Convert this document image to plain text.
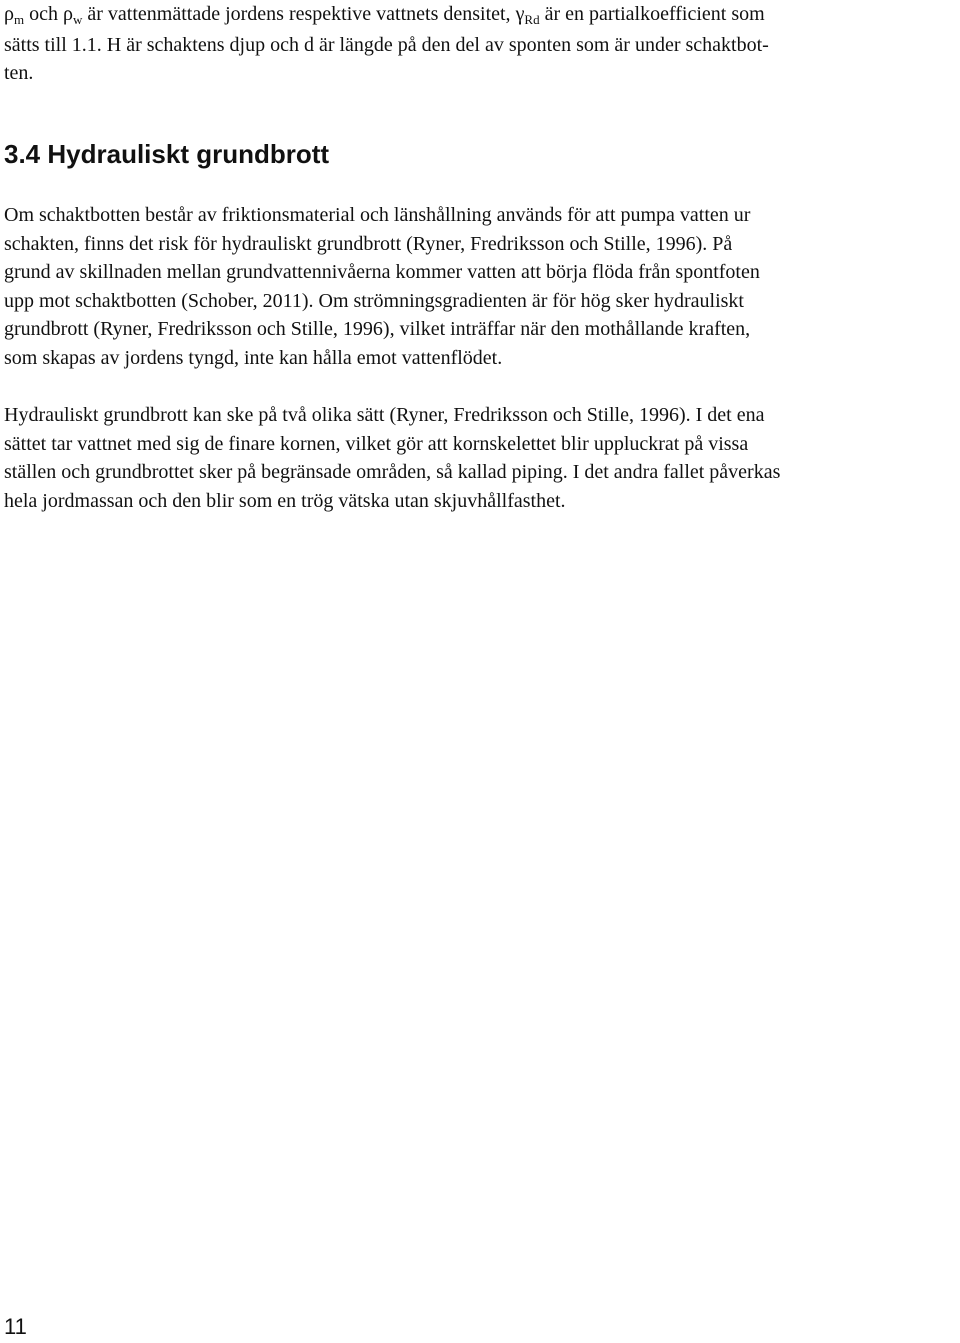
$\rho_m$ och $\rho_w$ är vattenmättade jordens respektive vattnets densitet, $\gamma_{Rd}$ är en partialkoefficient som
sätts till 1.1. H är schaktens djup och d är längde på den del av sponten som är under schaktbot-
ten.

3.4 Hydrauliskt grundbrott

Om schaktbotten består av friktionsmaterial och länshållning används för att pumpa vatten ur
schakten, finns det risk för hydrauliskt grundbrott (Ryner, Fredriksson och Stille, 1996). På
grund av skillnaden mellan grundvattennivåerna kommer vatten att börja flöda från spontfoten
upp mot schaktbotten (Schober, 2011). Om strömningsgradienten är för hög sker hydrauliskt
grundbrott (Ryner, Fredriksson och Stille, 1996), vilket inträffar när den mothållande kraften,
som skapas av jordens tyngd, inte kan hålla emot vattenflödet.

Hydrauliskt grundbrott kan ske på två olika sätt (Ryner, Fredriksson och Stille, 1996). I det ena
sättet tar vattnet med sig de finare kornen, vilket gör att kornskelettet blir uppluckrat på vissa
ställen och grundbrottet sker på begränsade områden, så kallad piping. I det andra fallet påverkas
hela jordmassan och den blir som en trög vätska utan skjuvhållfasthet.

11
